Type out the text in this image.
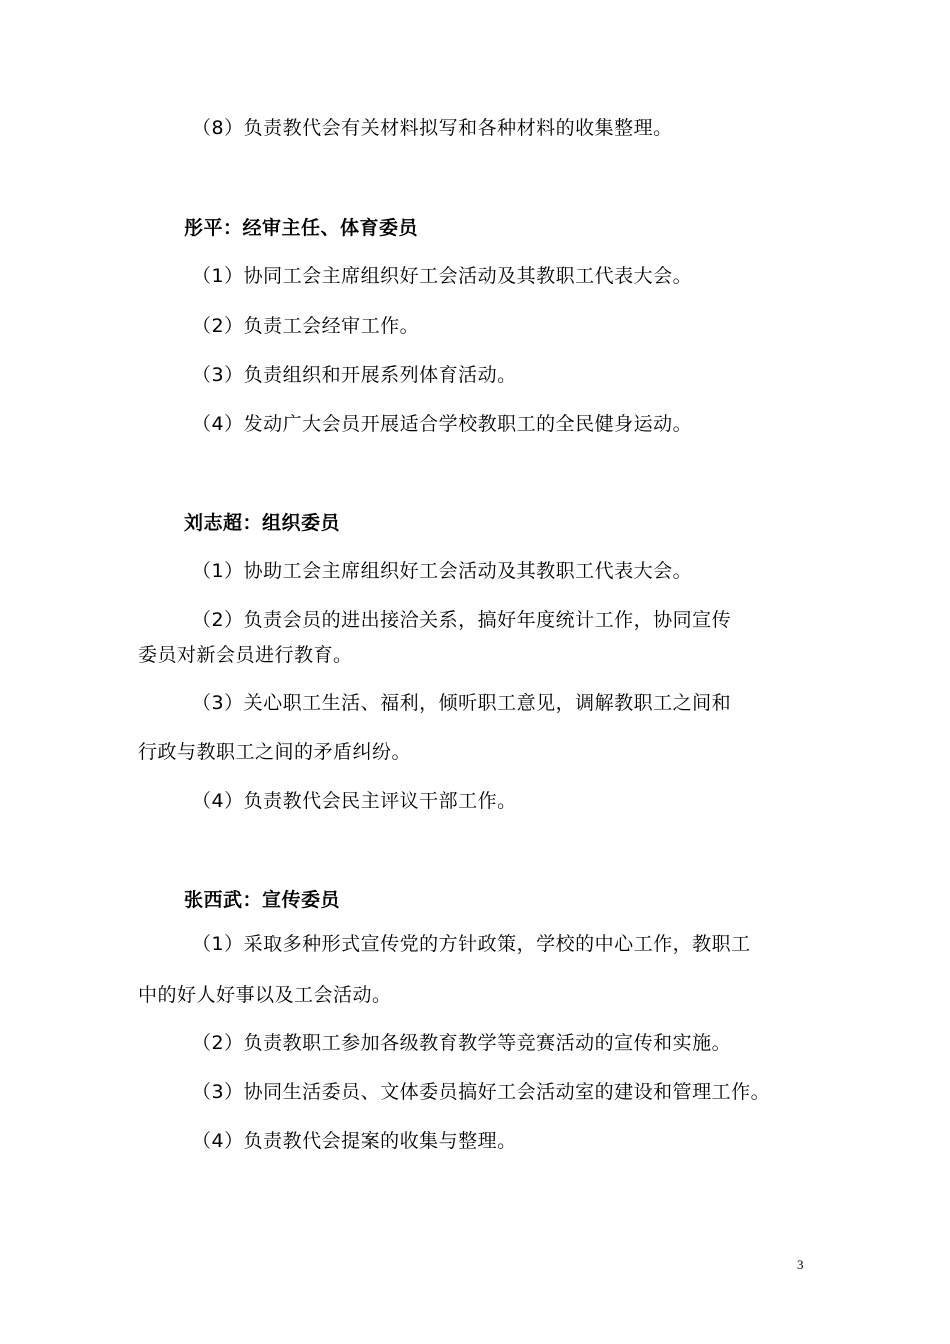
（8）负责教代会有关材料拟写和各种材料的收集整理。
彤平：经审主任、体育委员
（1）协同工会主席组织好工会活动及其教职工代表大会。
（2）负责工会经审工作。
（3）负责组织和开展系列体育活动。
（4）发动广大会员开展适合学校教职工的全民健身运动。
刘志超：组织委员
（1）协助工会主席组织好工会活动及其教职工代表大会。
（2）负责会员的进出接洽关系，搞好年度统计工作，协同宣传
委员对新会员进行教育。
（3）关心职工生活、福利，倾听职工意见，调解教职工之间和
行政与教职工之间的矛盾纠纷。
（4）负责教代会民主评议干部工作。
张西武：宣传委员
（1）采取多种形式宣传党的方针政策，学校的中心工作，教职工
中的好人好事以及工会活动。
（2）负责教职工参加各级教育教学等竞赛活动的宣传和实施。
（3）协同生活委员、文体委员搞好工会活动室的建设和管理工作。
（4）负责教代会提案的收集与整理。
3
